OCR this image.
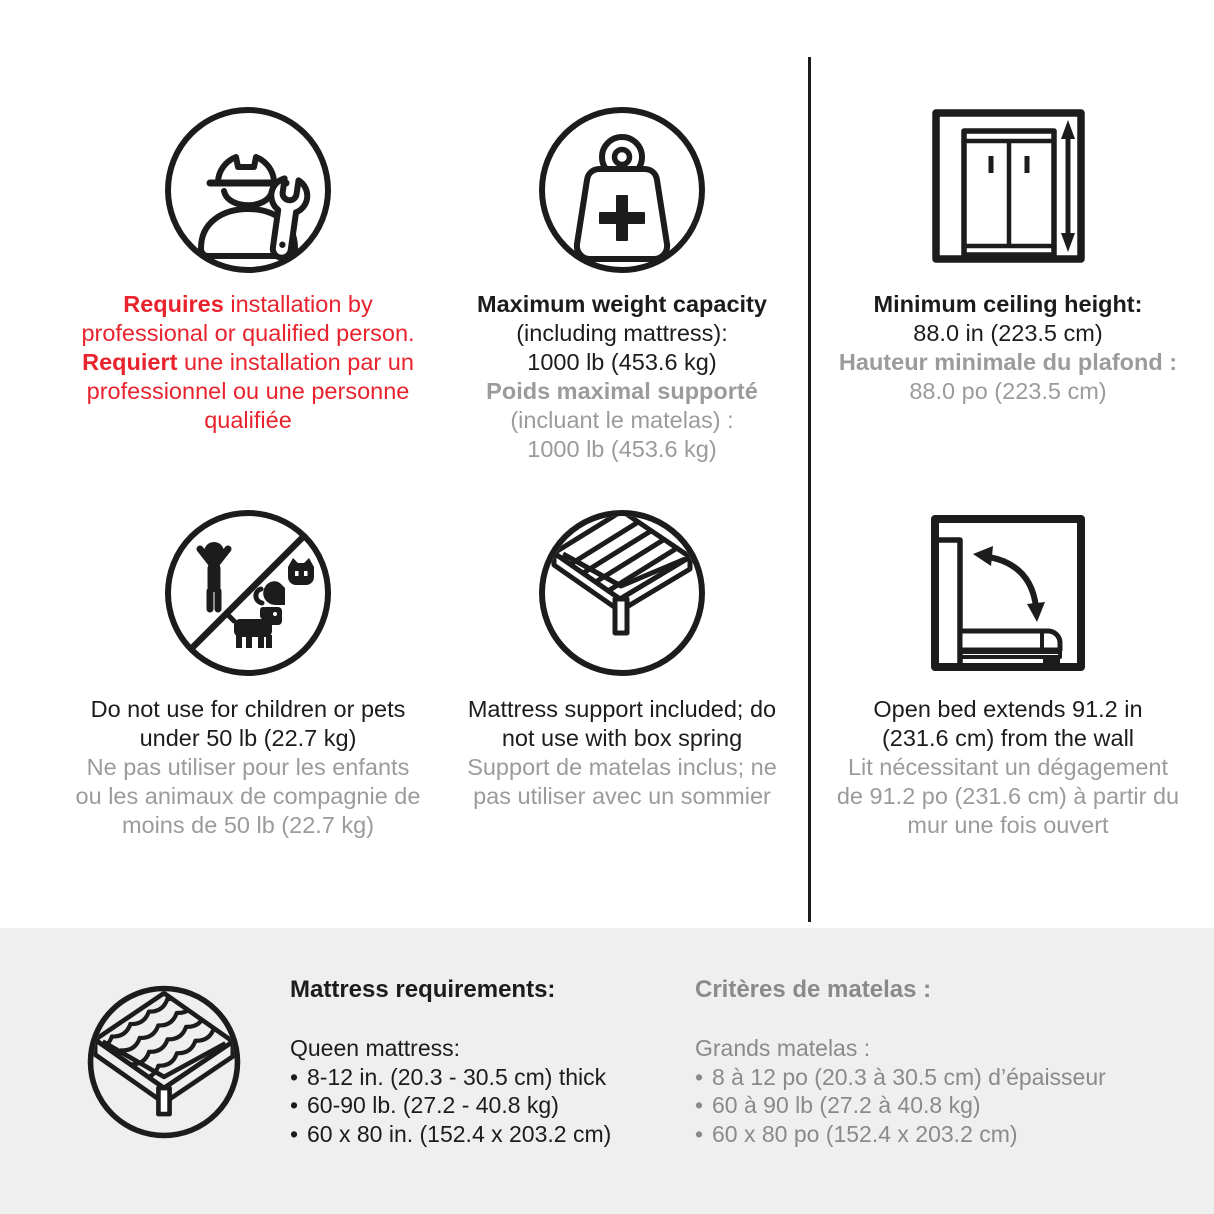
Requires installation by
professional or qualified person.
Requiert une installation par un
professionnel ou une personne
qualifiée

Maximum weight capacity
(including mattress):
1000 lb (453.6 kg)
Poids maximal supporté
(incluant le matelas) :
1000 lb (453.6 kg)

Minimum ceiling height:
88.0 in (223.5 cm)
Hauteur minimale du plafond :
88.0 po (223.5 cm)

Do not use for children or pets
under 50 lb (22.7 kg)
Ne pas utiliser pour les enfants
ou les animaux de compagnie de
moins de 50 lb (22.7 kg)

Mattress support included; do
not use with box spring
Support de matelas inclus; ne
pas utiliser avec un sommier

Open bed extends 91.2 in
(231.6 cm) from the wall
Lit nécessitant un dégagement
de 91.2 po (231.6 cm) à partir du
mur une fois ouvert

Mattress requirements:

Queen mattress:

• 8-12 in. (20.3 - 30.5 cm) thick
• 60-90 lb. (27.2 - 40.8 kg)
• 60 x 80 in. (152.4 x 203.2 cm)

Critères de matelas :

Grands matelas :

• 8 à 12 po (20.3 à 30.5 cm) d’épaisseur
• 60 à 90 lb (27.2 à 40.8 kg)
• 60 x 80 po (152.4 x 203.2 cm)
